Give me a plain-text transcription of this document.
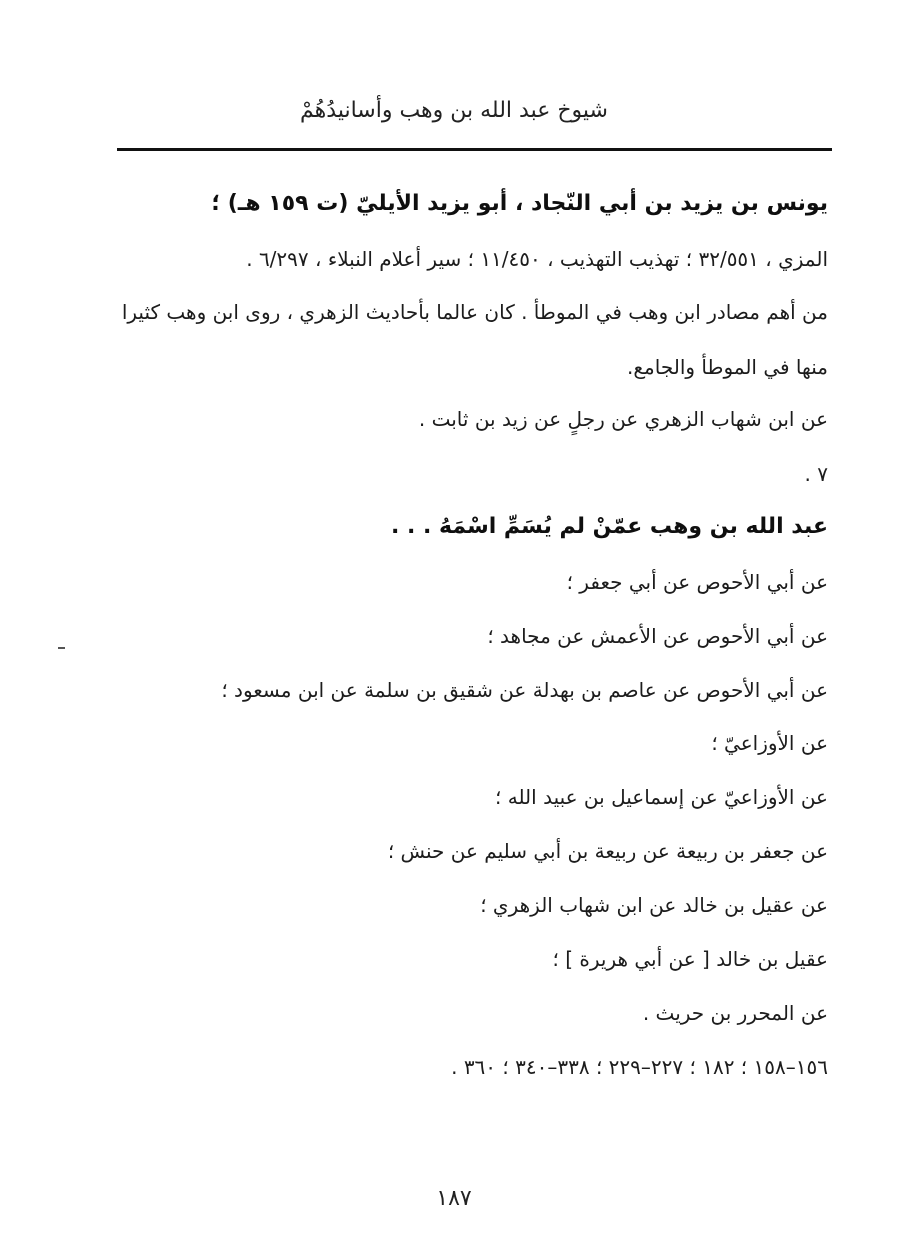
شيوخ عبد الله بن وهب وأسانيدُهُمْ
يونس بن يزيد بن أبي النّجاد ، أبو يزيد الأيليّ (ت ١٥٩ هـ) ؛
المزي ، ٣٢/٥٥١ ؛ تهذيب التهذيب ، ١١/٤٥٠ ؛ سير أعلام النبلاء ، ٦/٢٩٧ .
من أهم مصادر ابن وهب في الموطأ . كان عالما بأحاديث الزهري ، روى ابن وهب كثيرا
منها في الموطأ والجامع.
عن ابن شهاب الزهري عن رجلٍ عن زيد بن ثابت .
٧ .
عبد الله بن وهب عمّنْ لم يُسَمِّ اسْمَهُ . . .
عن أبي الأحوص عن أبي جعفر ؛
عن أبي الأحوص عن الأعمش عن مجاهد ؛
عن أبي الأحوص عن عاصم بن بهدلة عن شقيق بن سلمة عن ابن مسعود ؛
عن الأوزاعيّ ؛
عن الأوزاعيّ عن إسماعيل بن عبيد الله ؛
عن جعفر بن ربيعة عن ربيعة بن أبي سليم عن حنش ؛
عن عقيل بن خالد عن ابن شهاب الزهري ؛
عقيل بن خالد [ عن أبي هريرة ] ؛
عن المحرر بن حريث .
١٥٦–١٥٨ ؛ ١٨٢ ؛ ٢٢٧–٢٢٩ ؛ ٣٣٨–٣٤٠ ؛ ٣٦٠ .
١٨٧
